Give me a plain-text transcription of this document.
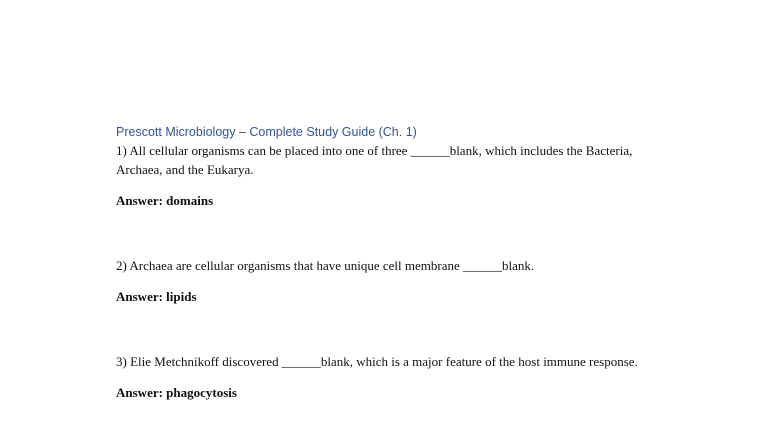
Prescott Microbiology – Complete Study Guide (Ch. 1)

1) All cellular organisms can be placed into one of three ______blank, which includes the Bacteria, Archaea, and the Eukarya.

Answer: domains

2) Archaea are cellular organisms that have unique cell membrane ______blank.

Answer: lipids

3) Elie Metchnikoff discovered ______blank, which is a major feature of the host immune response.

Answer: phagocytosis
